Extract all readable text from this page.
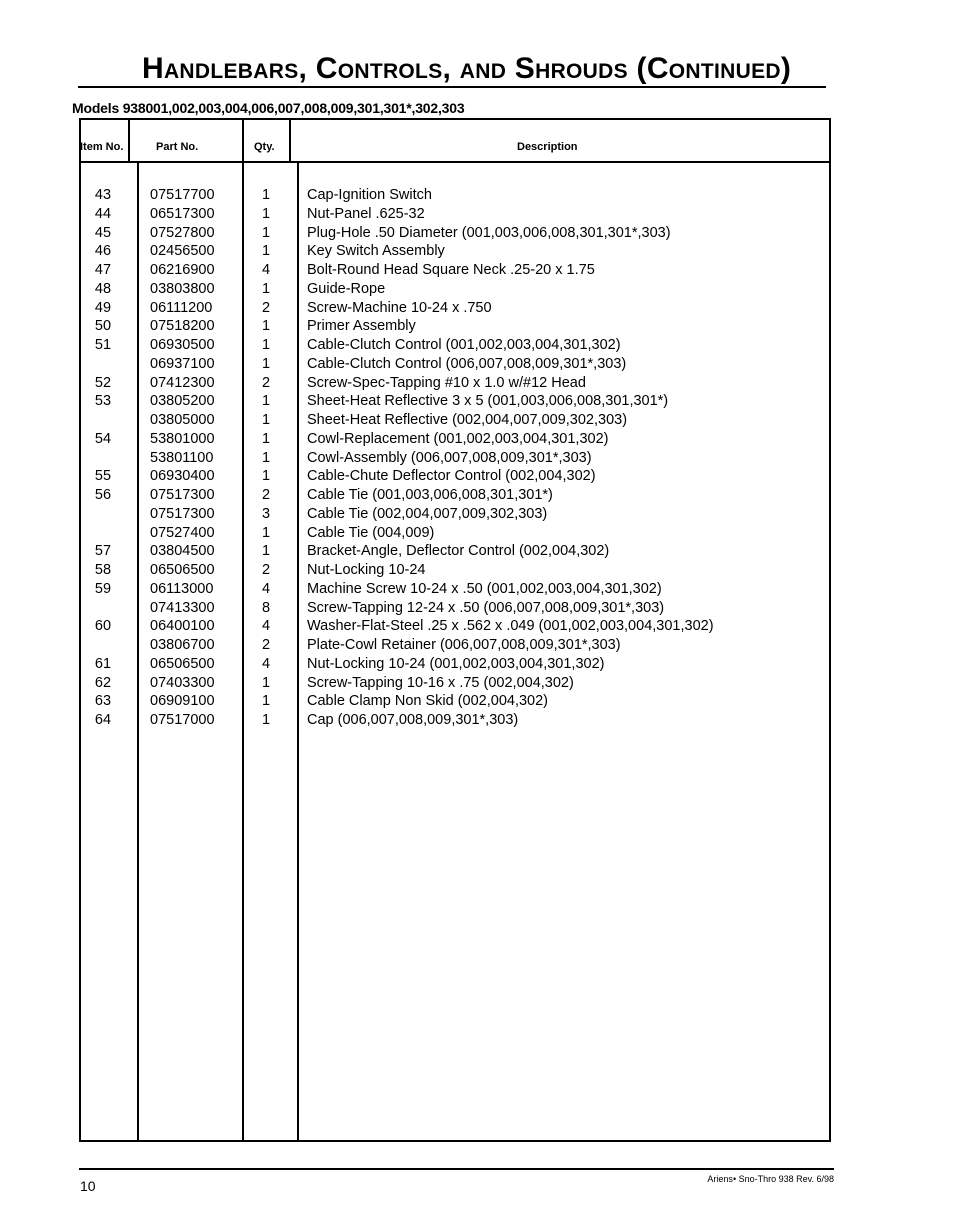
Handlebars, Controls, and Shrouds (Continued)
Models 938001,002,003,004,006,007,008,009,301,301*,302,303
Item No.	Part No.	Qty.	Description
43	07517700	1	Cap-Ignition Switch
44	06517300	1	Nut-Panel .625-32
45	07527800	1	Plug-Hole .50 Diameter (001,003,006,008,301,301*,303)
46	02456500	1	Key Switch Assembly
47	06216900	4	Bolt-Round Head Square Neck .25-20 x 1.75
48	03803800	1	Guide-Rope
49	06111200	2	Screw-Machine 10-24 x .750
50	07518200	1	Primer Assembly
51	06930500	1	Cable-Clutch Control (001,002,003,004,301,302)
06937100	1	Cable-Clutch Control (006,007,008,009,301*,303)
52	07412300	2	Screw-Spec-Tapping #10 x 1.0 w/#12 Head
53	03805200	1	Sheet-Heat Reflective 3 x 5 (001,003,006,008,301,301*)
03805000	1	Sheet-Heat Reflective (002,004,007,009,302,303)
54	53801000	1	Cowl-Replacement (001,002,003,004,301,302)
53801100	1	Cowl-Assembly (006,007,008,009,301*,303)
55	06930400	1	Cable-Chute Deflector Control (002,004,302)
56	07517300	2	Cable Tie (001,003,006,008,301,301*)
07517300	3	Cable Tie (002,004,007,009,302,303)
07527400	1	Cable Tie (004,009)
57	03804500	1	Bracket-Angle, Deflector Control (002,004,302)
58	06506500	2	Nut-Locking 10-24
59	06113000	4	Machine Screw 10-24 x .50 (001,002,003,004,301,302)
07413300	8	Screw-Tapping 12-24 x .50 (006,007,008,009,301*,303)
60	06400100	4	Washer-Flat-Steel .25 x .562 x .049 (001,002,003,004,301,302)
03806700	2	Plate-Cowl Retainer (006,007,008,009,301*,303)
61	06506500	4	Nut-Locking 10-24 (001,002,003,004,301,302)
62	07403300	1	Screw-Tapping 10-16 x .75 (002,004,302)
63	06909100	1	Cable Clamp Non Skid (002,004,302)
64	07517000	1	Cap (006,007,008,009,301*,303)
10	Ariens• Sno-Thro 938 Rev. 6/98
